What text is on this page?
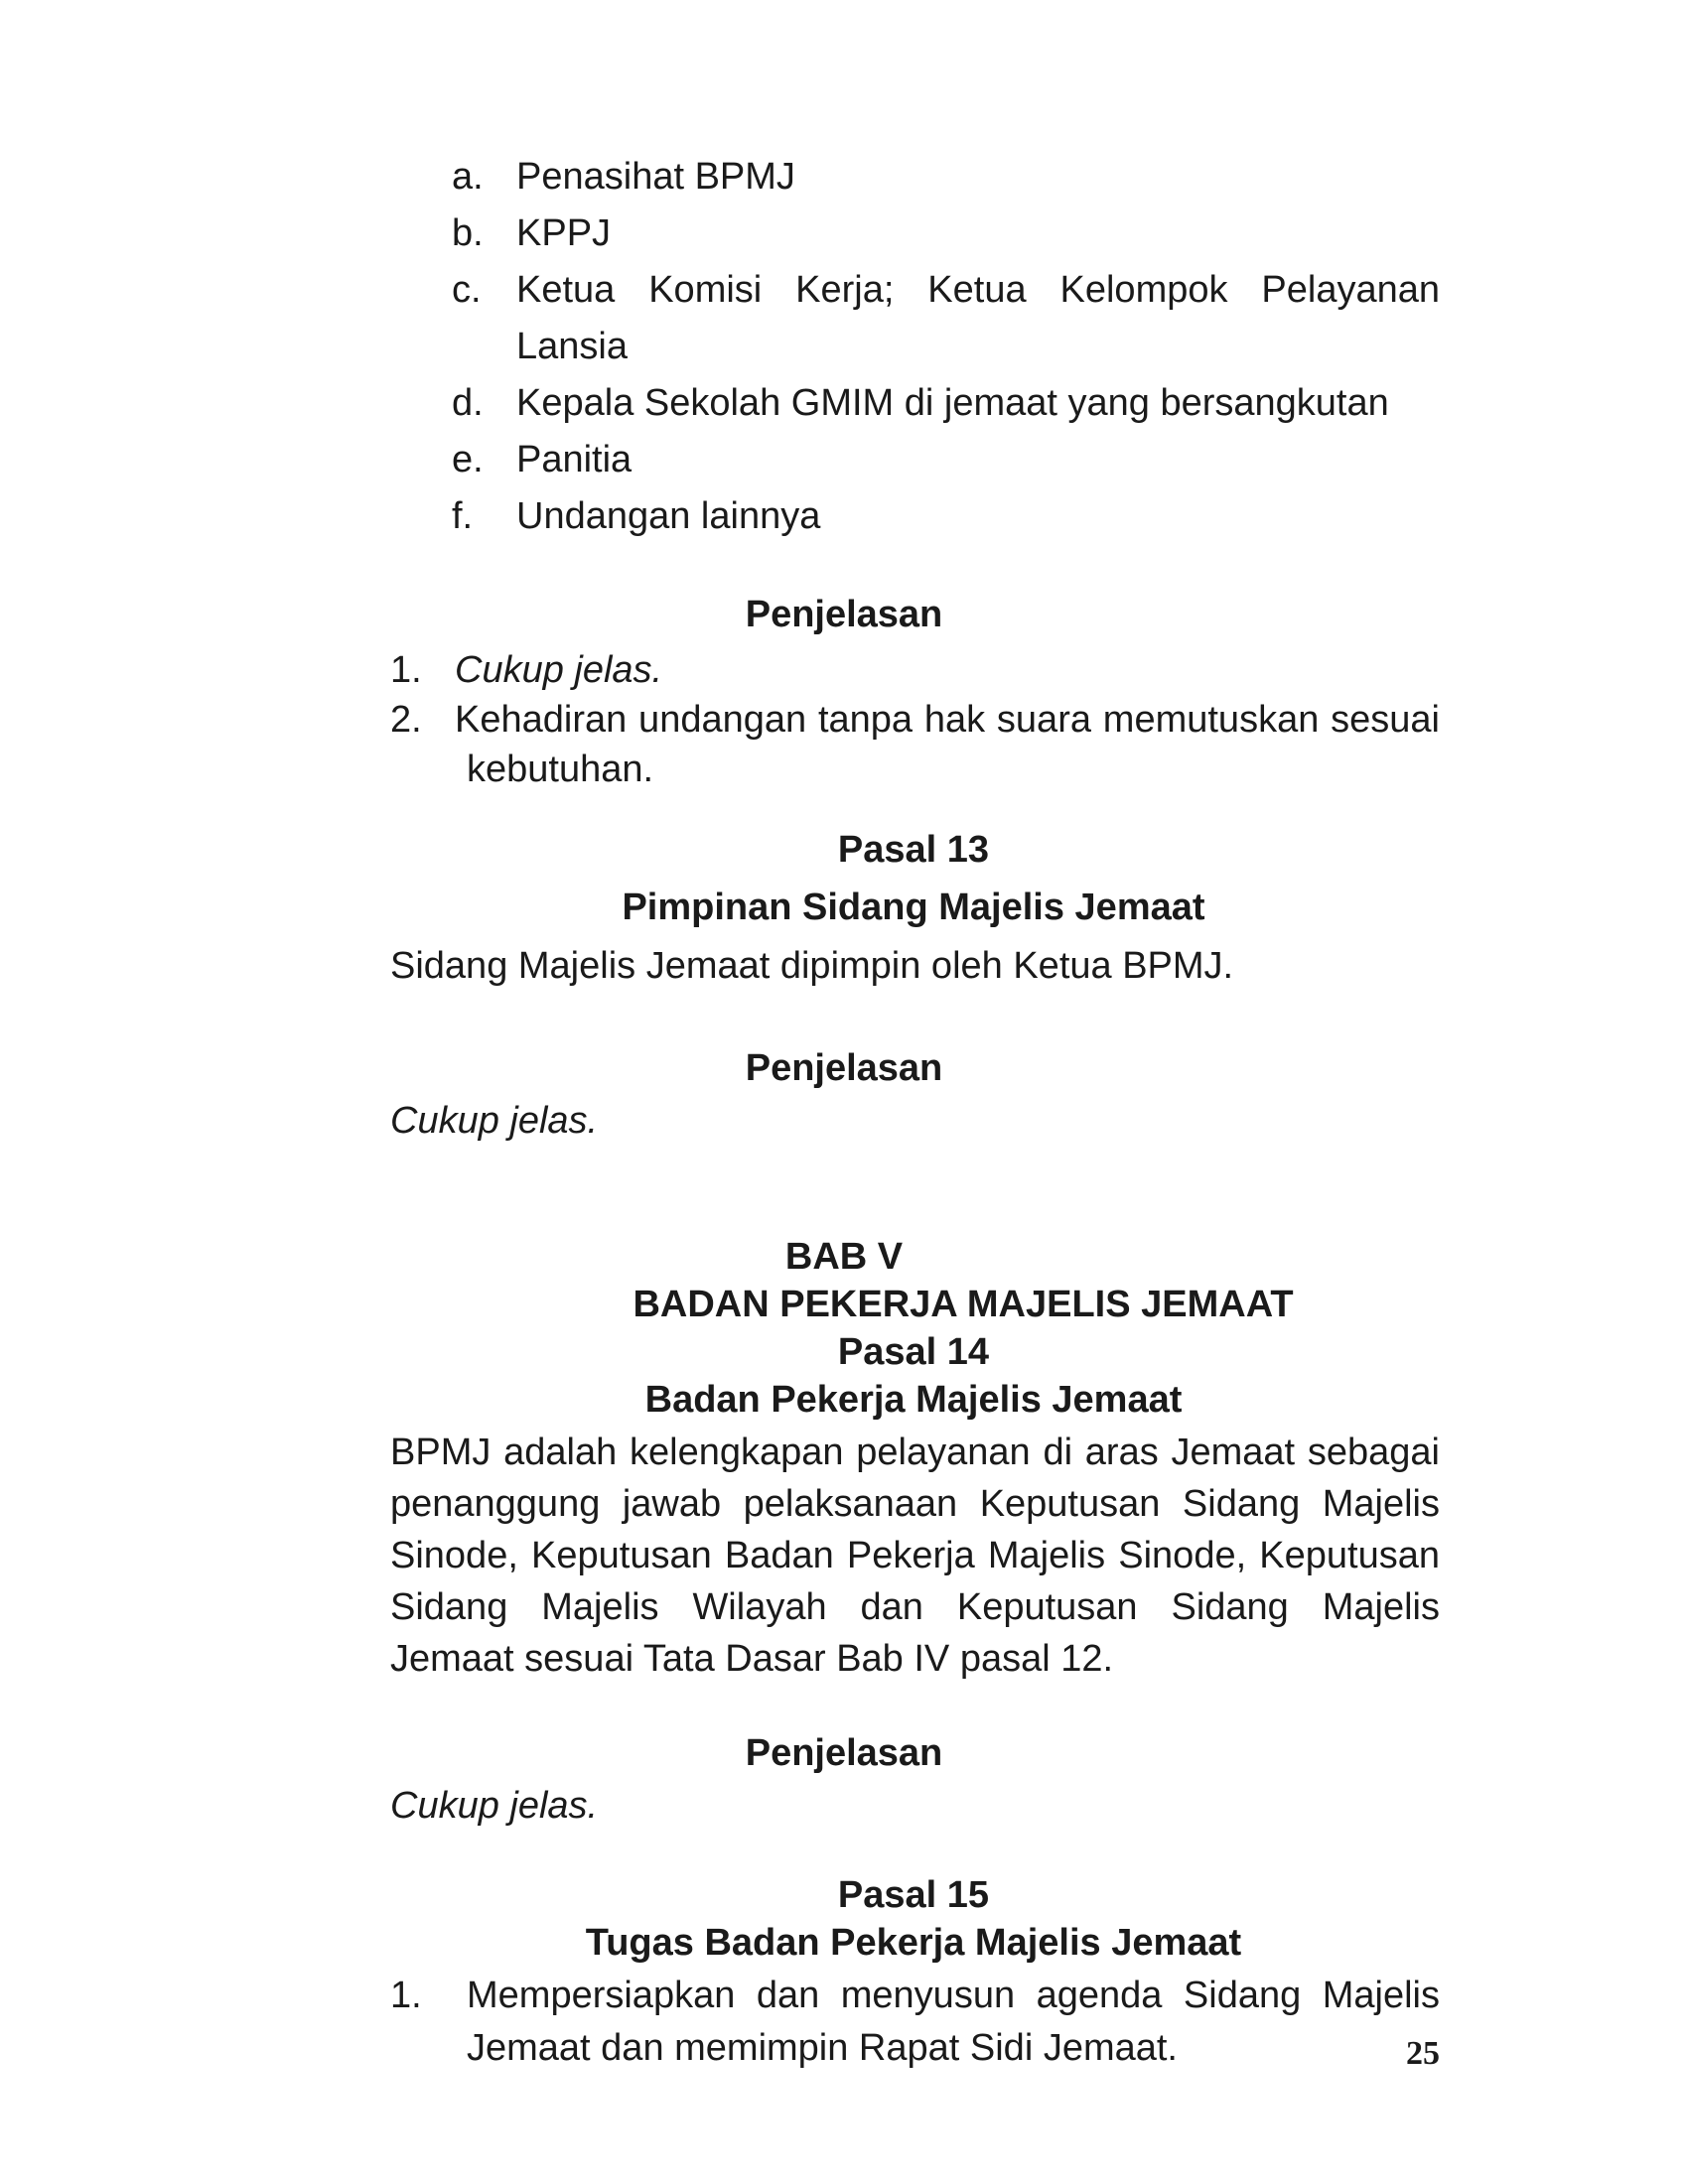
a. Penasihat BPMJ
b. KPPJ
c. Ketua Komisi Kerja; Ketua Kelompok Pelayanan
Lansia
d. Kepala Sekolah GMIM di jemaat yang bersangkutan
e. Panitia
f. Undangan lainnya
Penjelasan
1. Cukup jelas.
2. Kehadiran undangan tanpa hak suara memutuskan sesuai
kebutuhan.
Pasal 13
Pimpinan Sidang Majelis Jemaat
Sidang Majelis Jemaat dipimpin oleh Ketua BPMJ.
Penjelasan
Cukup jelas.
BAB V
BADAN PEKERJA MAJELIS JEMAAT
Pasal 14
Badan Pekerja Majelis Jemaat
BPMJ adalah kelengkapan pelayanan di aras Jemaat sebagai
penanggung jawab pelaksanaan Keputusan Sidang Majelis
Sinode, Keputusan Badan Pekerja Majelis Sinode, Keputusan
Sidang Majelis Wilayah dan Keputusan Sidang Majelis
Jemaat sesuai Tata Dasar Bab IV pasal 12.
Penjelasan
Cukup jelas.
Pasal 15
Tugas Badan Pekerja Majelis Jemaat
1. Mempersiapkan dan menyusun agenda Sidang Majelis
Jemaat dan memimpin Rapat Sidi Jemaat.	25
